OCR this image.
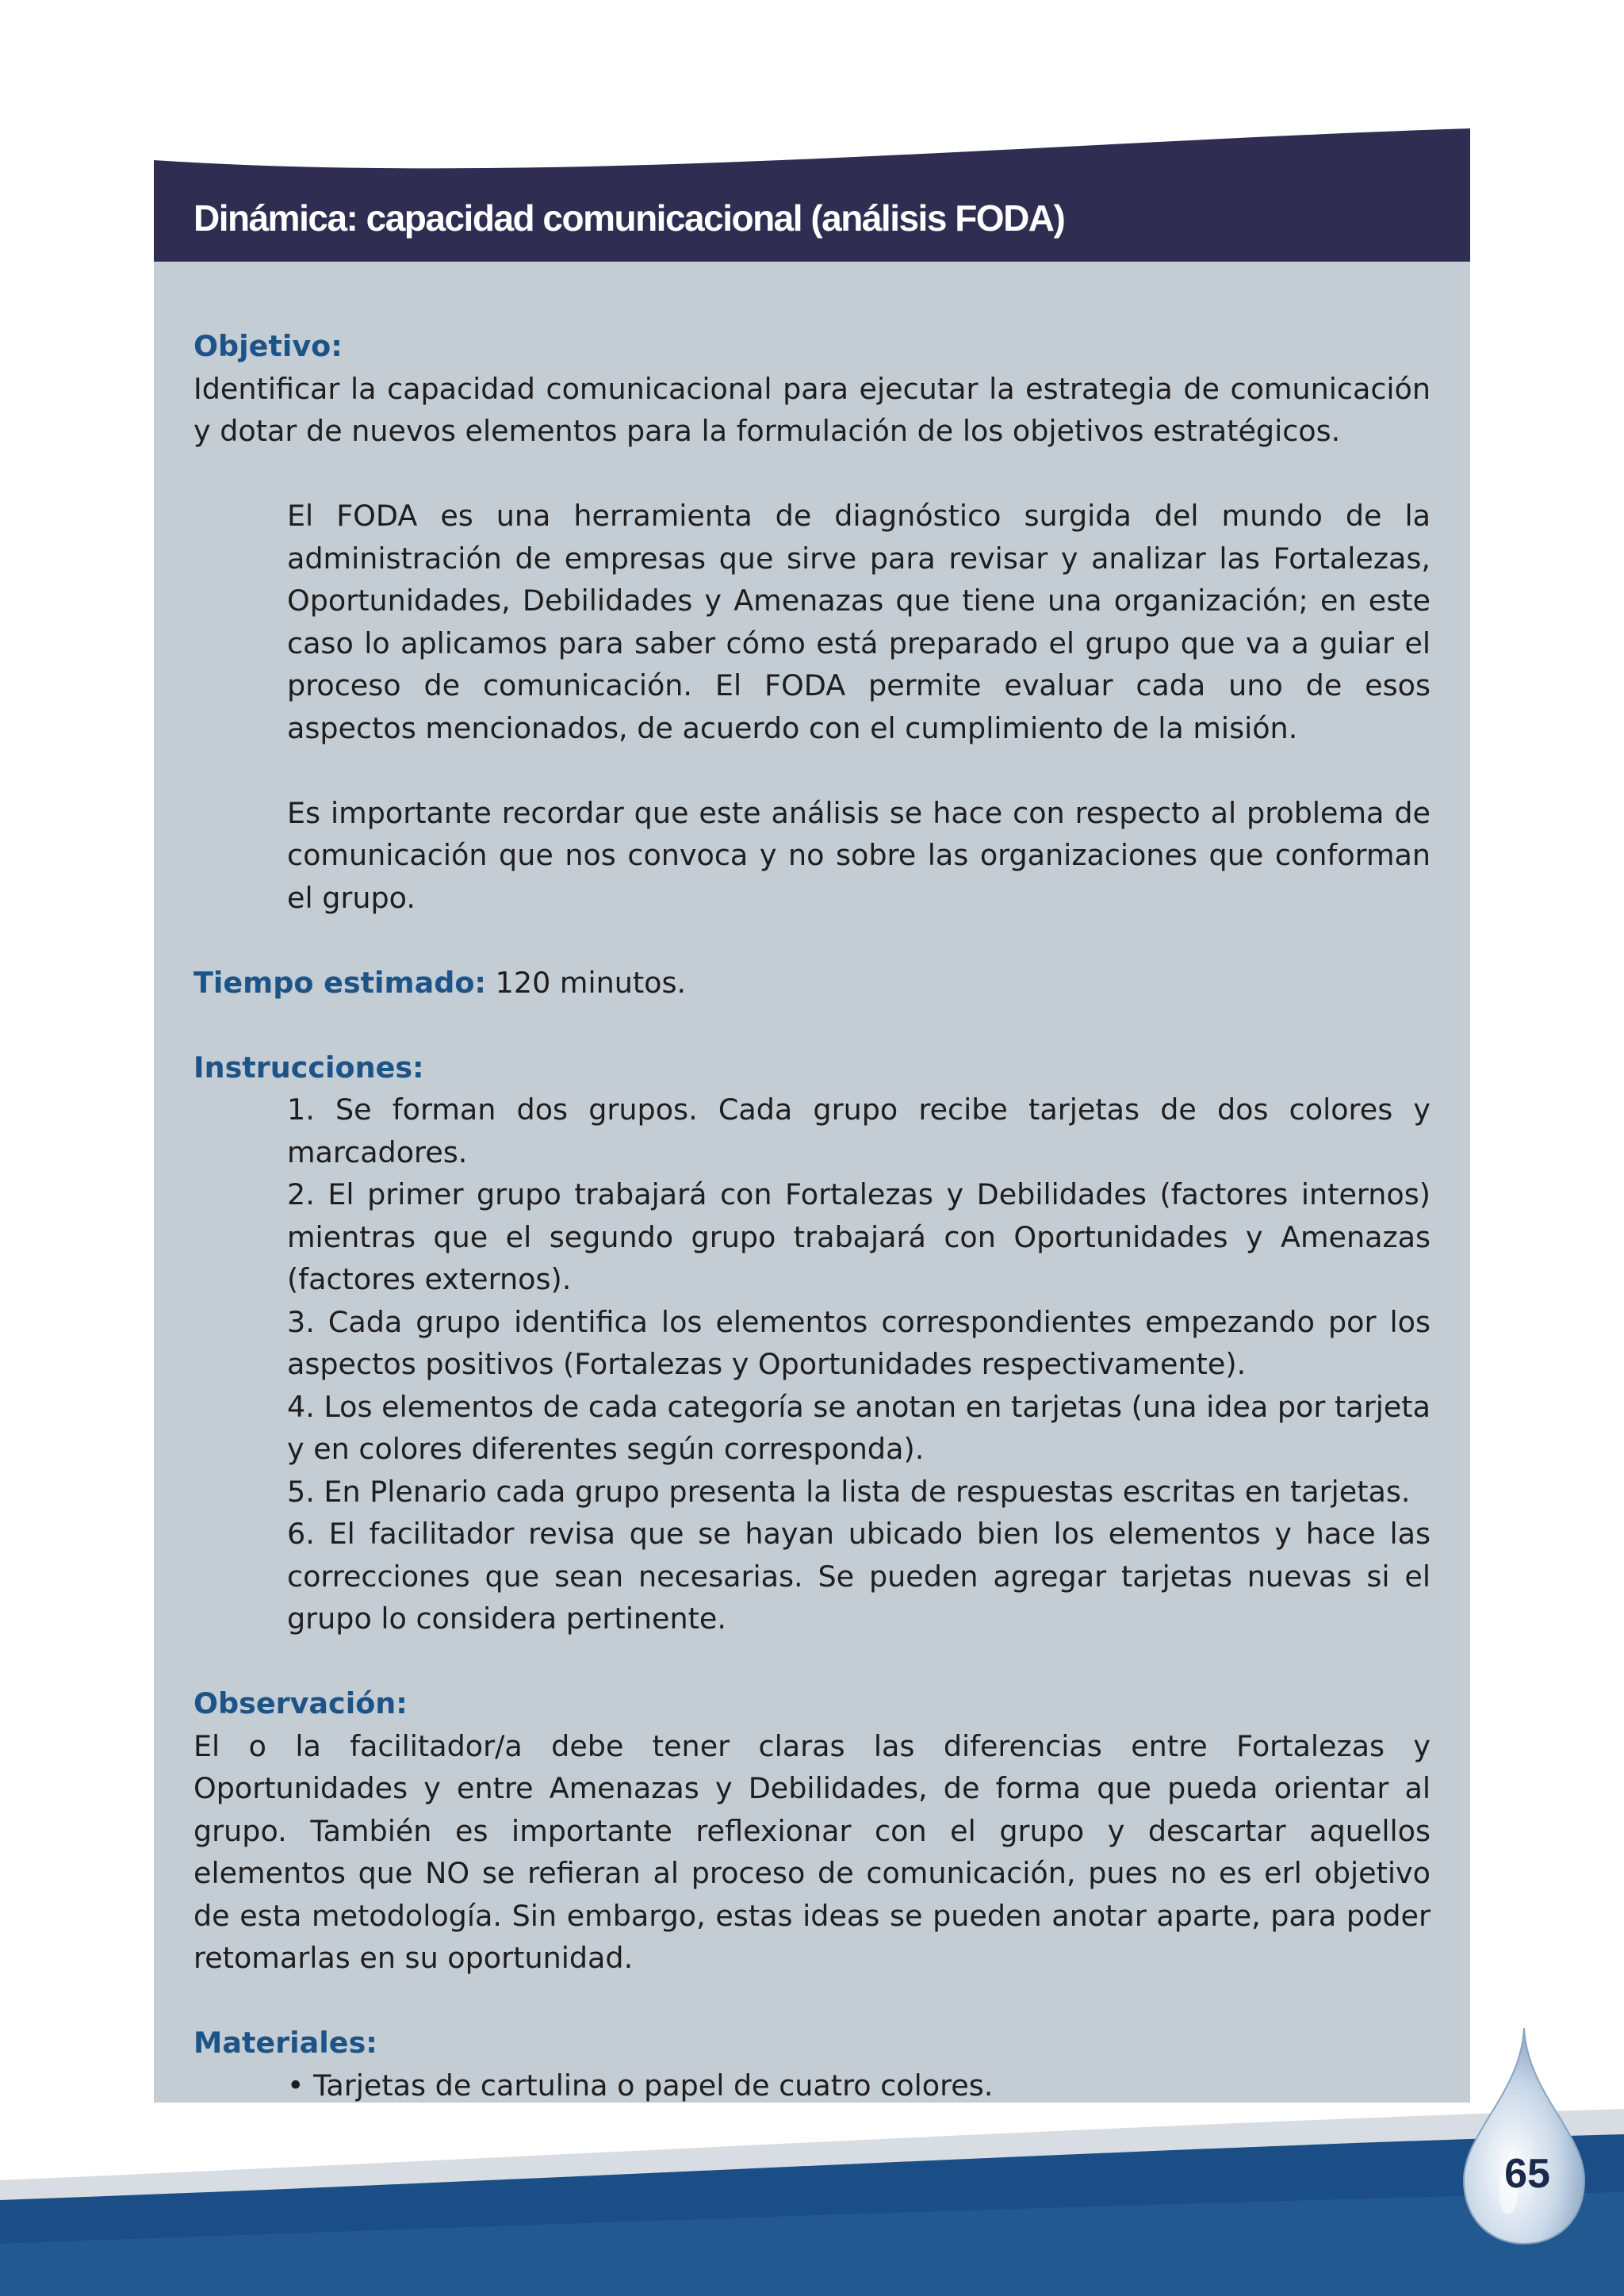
Dinámica: capacidad comunicacional (análisis FODA)

Objetivo:

Identificar la capacidad comunicacional para ejecutar la estrategia de comunicación y dotar de nuevos elementos para la formulación de los objetivos estratégicos.

El FODA es una herramienta de diagnóstico surgida del mundo de la administración de empresas que sirve para revisar y analizar las Fortalezas, Oportunidades, Debilidades y Amenazas que tiene una organización; en este caso lo aplicamos para saber cómo está preparado el grupo que va a guiar el proceso de comunicación. El FODA permite evaluar cada uno de esos aspectos mencionados, de acuerdo con el cumplimiento de la misión.

Es importante recordar que este análisis se hace con respecto al problema de comunicación que nos convoca y no sobre las organizaciones que conforman el grupo.

Tiempo estimado: 120 minutos.

Instrucciones:

1. Se forman dos grupos. Cada grupo recibe tarjetas de dos colores y marcadores.

2. El primer grupo trabajará con Fortalezas y Debilidades (factores internos) mientras que el segundo grupo trabajará con Oportunidades y Amenazas (factores externos).

3. Cada grupo identifica los elementos correspondientes empezando por los aspectos positivos (Fortalezas y Oportunidades respectivamente).

4. Los elementos de cada categoría se anotan en tarjetas (una idea por tarjeta y en colores diferentes según corresponda).

5. En Plenario cada grupo presenta la lista de respuestas escritas en tarjetas.

6. El facilitador revisa que se hayan ubicado bien los elementos y hace las correcciones que sean necesarias. Se pueden agregar tarjetas nuevas si el grupo lo considera pertinente.

Observación:

El o la facilitador/a debe tener claras las diferencias entre Fortalezas y Oportunidades y entre Amenazas y Debilidades, de forma que pueda orientar al grupo. También es importante reflexionar con el grupo y descartar aquellos elementos que NO se refieran al proceso de comunicación, pues no es erl objetivo de esta metodología. Sin embargo, estas ideas se pueden anotar aparte, para poder retomarlas en su oportunidad.

Materiales:

• Tarjetas de cartulina o papel de cuatro colores.

65
